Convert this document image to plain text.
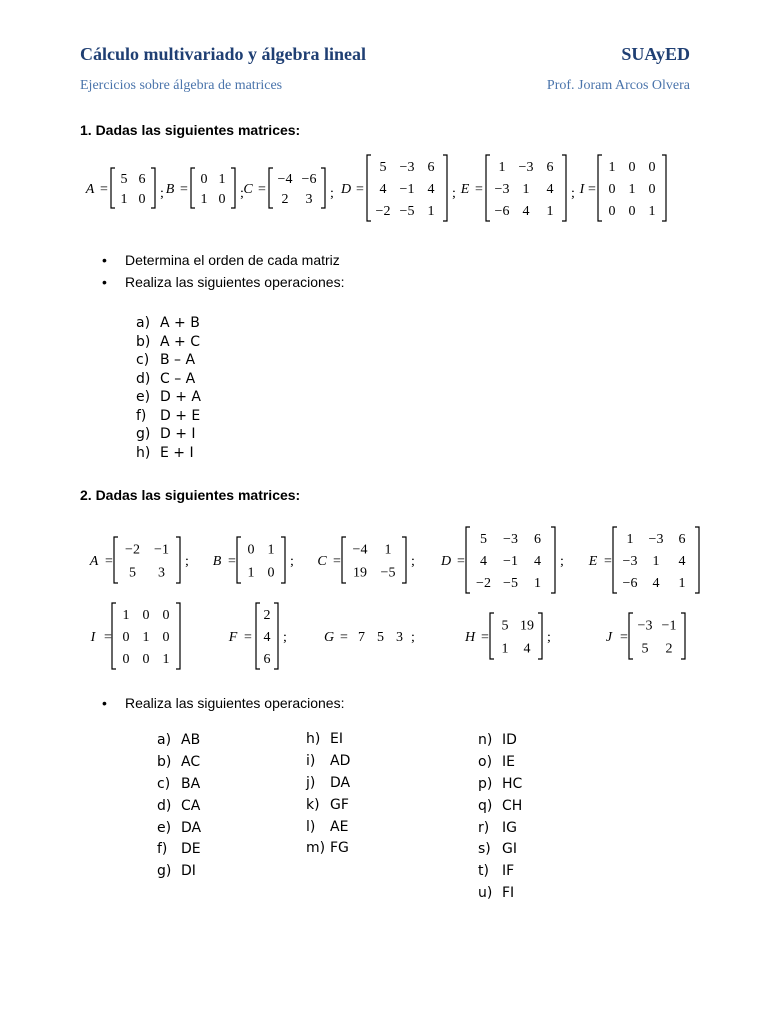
Cálculo multivariado y álgebra lineal	SUAyED
Ejercicios sobre álgebra de matrices	Prof. Joram Arcos Olvera
1. Dadas las siguientes matrices:
A =
5 6
1 0 ; B =
0 1
1 0 ; C =
−4 −6
2 3 ; D =
5 −3 6
4 −1 4
−2 −5 1
; E =
1 −3 6
−3 1 4
−6 4 1
; I =
1 0 0
0 1 0
0 0 1
• Determina el orden de cada matriz
• Realiza las siguientes operaciones:
a) A + B
b) A + C
c) B – A
d) C – A
e) D + A
f) D + E
g) D + I
h) E + I
2. Dadas las siguientes matrices:
A =
−2 −1
5 3
; B =
0 1
1 0
; C =
−4 1
19 −5
; D =
5 −3 6
4 −1 4
−2 −5 1
; E =
1 −3 6
−3 1 4
−6 4 1
I =
1 0 0
0 1 0
0 0 1
F =
2
4
6
;	G = 7 5 3 ;	H =
5 19
1 4
;	J =
−3 −1
5 2
• Realiza las siguientes operaciones:
a) AB
b) AC
c) BA
d) CA
e) DA
f) DE
g) DI
h) EI
i) AD
j) DA
k) GF
l) AE
m) FG
n) ID
o) IE
p) HC
q) CH
r) IG
s) GI
t) IF
u) FI
